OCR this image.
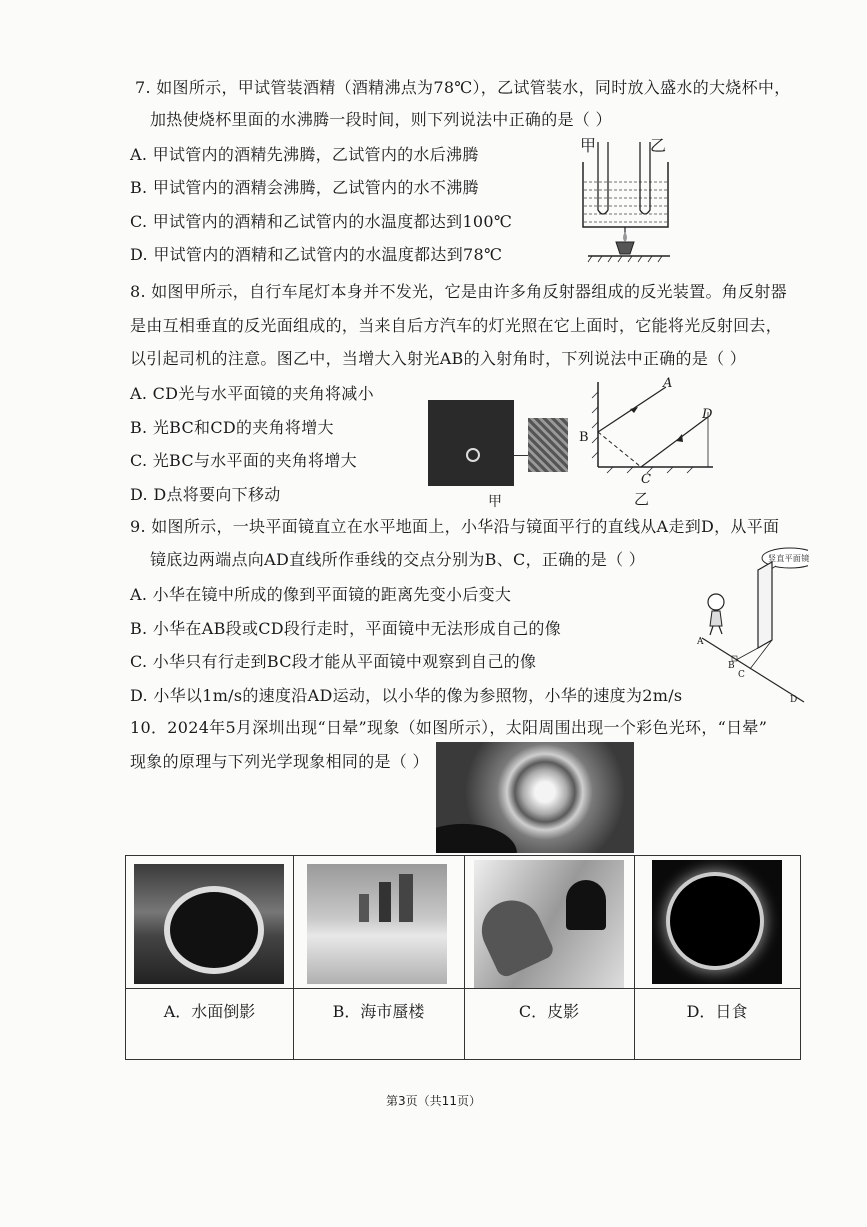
7. 如图所示，甲试管装酒精（酒精沸点为78℃），乙试管装水，同时放入盛水的大烧杯中，
加热使烧杯里面的水沸腾一段时间，则下列说法中正确的是（ ）
A. 甲试管内的酒精先沸腾，乙试管内的水后沸腾
B. 甲试管内的酒精会沸腾，乙试管内的水不沸腾
C. 甲试管内的酒精和乙试管内的水温度都达到100℃
D. 甲试管内的酒精和乙试管内的水温度都达到78℃
甲	乙
8. 如图甲所示，自行车尾灯本身并不发光，它是由许多角反射器组成的反光装置。角反射器
是由互相垂直的反光面组成的，当来自后方汽车的灯光照在它上面时，它能将光反射回去，
以引起司机的注意。图乙中，当增大入射光AB的入射角时，下列说法中正确的是（ ）
A. CD光与水平面镜的夹角将减小
B. 光BC和CD的夹角将增大
C. 光BC与水平面的夹角将增大
D. D点将要向下移动	甲
A
B
C
D
乙
9. 如图所示，一块平面镜直立在水平地面上，小华沿与镜面平行的直线从A走到D，从平面
镜底边两端点向AD直线所作垂线的交点分别为B、C，正确的是（ ）
A. 小华在镜中所成的像到平面镜的距离先变小后变大
B. 小华在AB段或CD段行走时，平面镜中无法形成自己的像
C. 小华只有行走到BC段才能从平面镜中观察到自己的像
D. 小华以1m/s的速度沿AD运动，以小华的像为参照物，小华的速度为2m/s
竖直平面镜
A
B
C
D
10．2024年5月深圳出现“日晕”现象（如图所示），太阳周围出现一个彩色光环，“日晕”
现象的原理与下列光学现象相同的是（ ）
A．水面倒影	B．海市蜃楼	C．皮影	D．日食
第3页（共11页）
